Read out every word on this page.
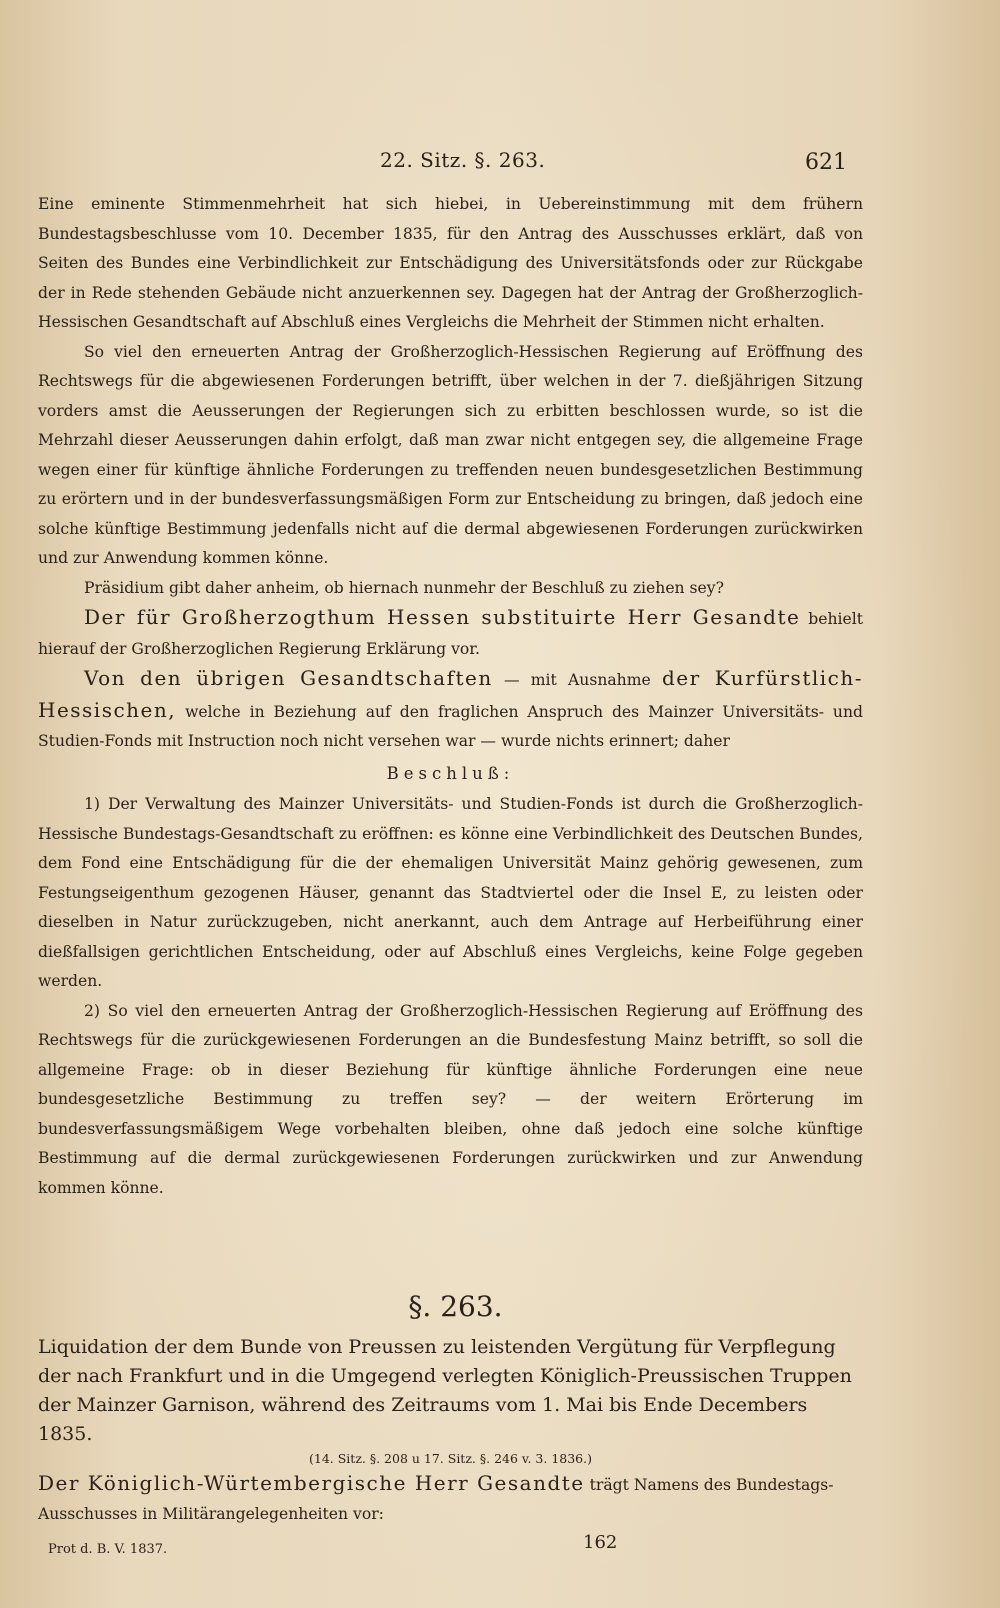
22. Sitz. §. 263.	621

Eine eminente Stimmenmehrheit hat sich hiebei, in Uebereinstimmung mit dem frühern Bundestagsbeschlusse vom 10. December 1835, für den Antrag des Ausschusses erklärt, daß von Seiten des Bundes eine Verbindlichkeit zur Entschädigung des Universitätsfonds oder zur Rückgabe der in Rede stehenden Gebäude nicht anzuerkennen sey. Dagegen hat der Antrag der Großherzoglich-Hessischen Gesandtschaft auf Abschluß eines Vergleichs die Mehrheit der Stimmen nicht erhalten.

So viel den erneuerten Antrag der Großherzoglich-Hessischen Regierung auf Eröffnung des Rechtswegs für die abgewiesenen Forderungen betrifft, über welchen in der 7. dießjährigen Sitzung vorders amst die Aeusserungen der Regierungen sich zu erbitten beschlossen wurde, so ist die Mehrzahl dieser Aeusserungen dahin erfolgt, daß man zwar nicht entgegen sey, die allgemeine Frage wegen einer für künftige ähnliche Forderungen zu treffenden neuen bundesgesetzlichen Bestimmung zu erörtern und in der bundesverfassungsmäßigen Form zur Entscheidung zu bringen, daß jedoch eine solche künftige Bestimmung jedenfalls nicht auf die dermal abgewiesenen Forderungen zurückwirken und zur Anwendung kommen könne.

Präsidium gibt daher anheim, ob hiernach nunmehr der Beschluß zu ziehen sey?

Der für Großherzogthum Hessen substituirte Herr Gesandte behielt hierauf der Großherzoglichen Regierung Erklärung vor.

Von den übrigen Gesandtschaften — mit Ausnahme der Kurfürstlich-Hessischen, welche in Beziehung auf den fraglichen Anspruch des Mainzer Universitäts- und Studien-Fonds mit Instruction noch nicht versehen war — wurde nichts erinnert; daher

Beschluß:

1) Der Verwaltung des Mainzer Universitäts- und Studien-Fonds ist durch die Großherzoglich-Hessische Bundestags-Gesandtschaft zu eröffnen: es könne eine Verbindlichkeit des Deutschen Bundes, dem Fond eine Entschädigung für die der ehemaligen Universität Mainz gehörig gewesenen, zum Festungseigenthum gezogenen Häuser, genannt das Stadtviertel oder die Insel E, zu leisten oder dieselben in Natur zurückzugeben, nicht anerkannt, auch dem Antrage auf Herbeiführung einer dießfallsigen gerichtlichen Entscheidung, oder auf Abschluß eines Vergleichs, keine Folge gegeben werden.

2) So viel den erneuerten Antrag der Großherzoglich-Hessischen Regierung auf Eröffnung des Rechtswegs für die zurückgewiesenen Forderungen an die Bundesfestung Mainz betrifft, so soll die allgemeine Frage: ob in dieser Beziehung für künftige ähnliche Forderungen eine neue bundesgesetzliche Bestimmung zu treffen sey? — der weitern Erörterung im bundesverfassungsmäßigem Wege vorbehalten bleiben, ohne daß jedoch eine solche künftige Bestimmung auf die dermal zurückgewiesenen Forderungen zurückwirken und zur Anwendung kommen könne.

§. 263.

Liquidation der dem Bunde von Preussen zu leistenden Vergütung für Verpflegung der nach Frankfurt und in die Umgegend verlegten Königlich-Preussischen Truppen der Mainzer Garnison, während des Zeitraums vom 1. Mai bis Ende Decembers 1835.

(14. Sitz. §. 208 u 17. Sitz. §. 246 v. 3. 1836.)

Der Königlich-Würtembergische Herr Gesandte trägt Namens des Bundestags-Ausschusses in Militärangelegenheiten vor:

Prot d. B. V. 1837.	162
